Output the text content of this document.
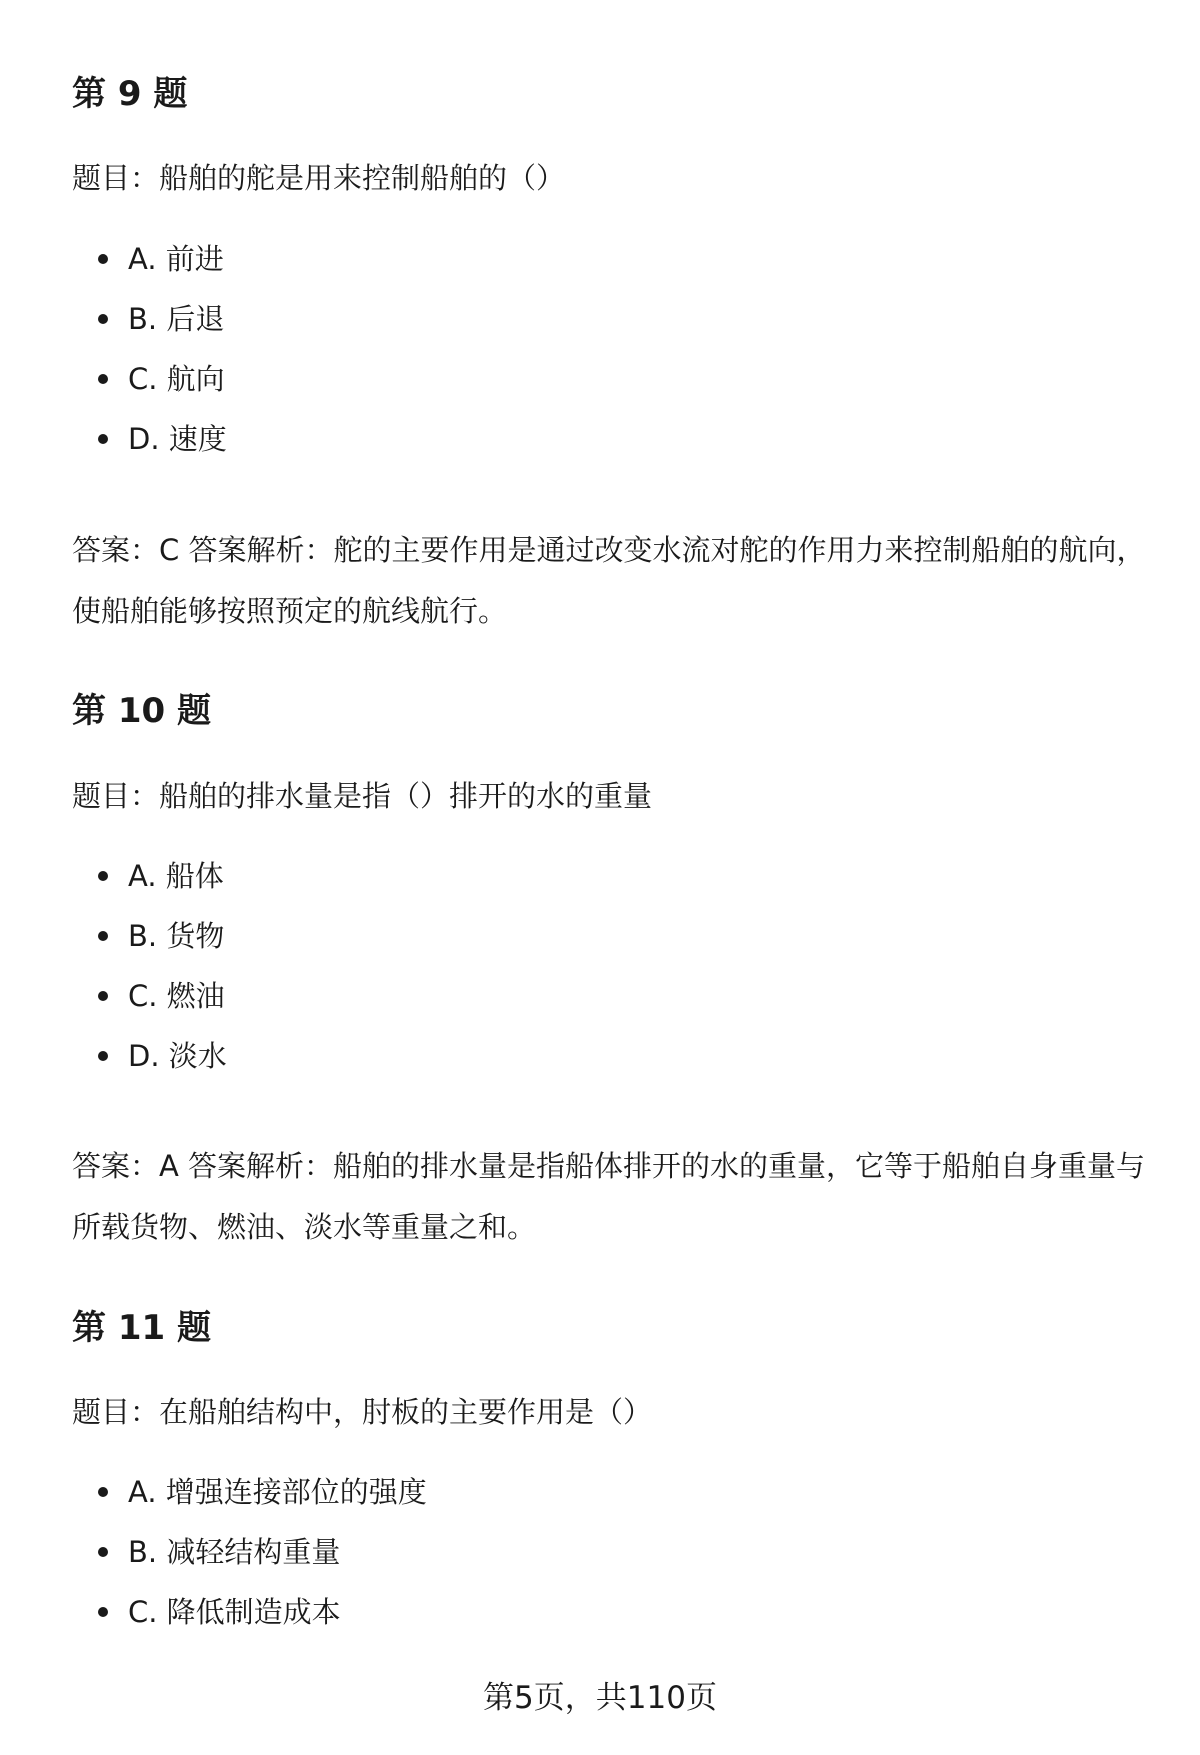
第 9 题

题目：船舶的舵是用来控制船舶的（）

A. 前进
B. 后退
C. 航向
D. 速度

答案：C 答案解析：舵的主要作用是通过改变水流对舵的作用力来控制船舶的航向，使船舶能够按照预定的航线航行。

第 10 题

题目：船舶的排水量是指（）排开的水的重量

A. 船体
B. 货物
C. 燃油
D. 淡水

答案：A 答案解析：船舶的排水量是指船体排开的水的重量，它等于船舶自身重量与所载货物、燃油、淡水等重量之和。

第 11 题

题目：在船舶结构中，肘板的主要作用是（）

A. 增强连接部位的强度
B. 减轻结构重量
C. 降低制造成本
第5页，共110页
